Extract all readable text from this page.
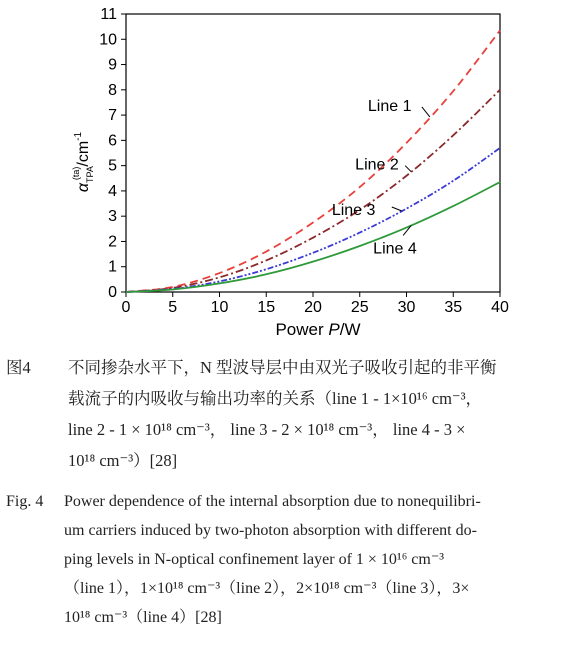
0 5 10 15 20 25 30 35 40
0
1
2
3
4
5
6
7
8
9
10
11
Line 1
Line 2
Line 3
Line 4
Power P/W
$\alpha_{TPA}(ta)/cm^{-1}$
图4 不同掺杂水平下，N 型波导层中由双光子吸收引起的非平衡
载流子的内吸收与输出功率的关系（line 1 - 1×10¹⁶ cm⁻³，
line 2 - 1 × 10¹⁸ cm⁻³， line 3 - 2 × 10¹⁸ cm⁻³， line 4 - 3 ×
10¹⁸ cm⁻³）[28]
Fig. 4 Power dependence of the internal absorption due to nonequilibri-
um carriers induced by two-photon absorption with different do-
ping levels in N-optical confinement layer of 1 × 10¹⁶ cm⁻³
（line 1），1×10¹⁸ cm⁻³（line 2），2×10¹⁸ cm⁻³（line 3），3×
10¹⁸ cm⁻³（line 4）[28]
